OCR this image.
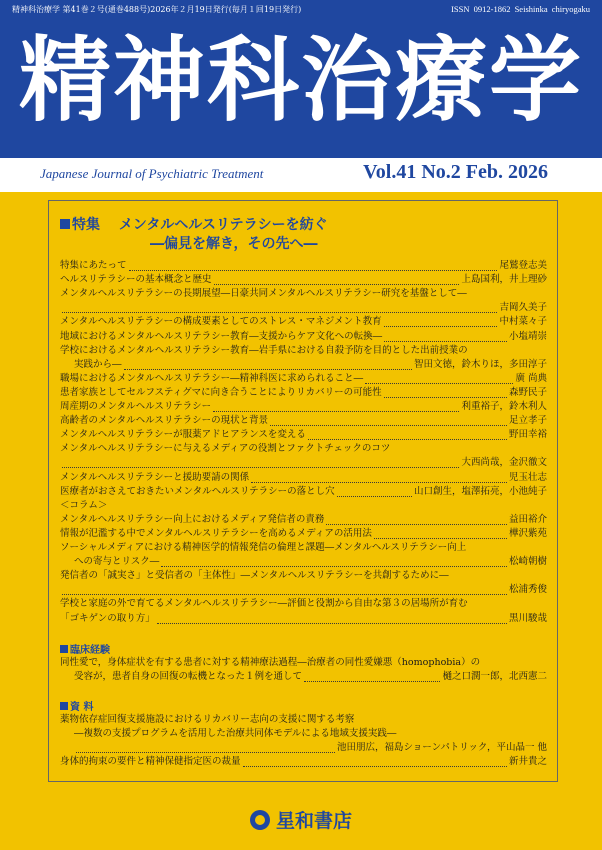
精神科治療学 第41巻２号(通巻488号)2026年２月19日発行(毎月１回19日発行)	ISSN 0912-1862 Seishinka chiryogaku
精神科治療学
Japanese Journal of Psychiatric Treatment	Vol.41 No.2 Feb. 2026
特集 メンタルヘルスリテラシーを紡ぐ
―偏見を解き，その先へ―
特集にあたって	尾鷲登志美
ヘルスリテラシーの基本概念と歴史	上島国利，井上理砂
メンタルヘルスリテラシーの長期展望―日豪共同メンタルヘルスリテラシー研究を基盤として―
吉岡久美子
メンタルヘルスリテラシーの構成要素としてのストレス・マネジメント教育	中村菜々子
地域におけるメンタルヘルスリテラシー教育―支援からケア文化への転換―	小塩靖崇
学校におけるメンタルヘルスリテラシー教育―岩手県における自殺予防を目的とした出前授業の
実践から―	智田文徳，鈴木りほ，多田淳子
職場におけるメンタルヘルスリテラシー―精神科医に求められること―	廣 尚典
患者家族としてセルフスティグマに向き合うことによりリカバリーの可能性	森野民子
周産期のメンタルヘルスリテラシー	利重裕子，鈴木利人
高齢者のメンタルヘルスリテラシーの現状と背景	足立孝子
メンタルヘルスリテラシーが服薬アドヒアランスを変える	野田幸裕
メンタルヘルスリテラシーに与えるメディアの役割とファクトチェックのコツ
大西尚哉，金沢徹文
メンタルヘルスリテラシーと援助要請の関係	児玉壮志
医療者がおさえておきたいメンタルヘルスリテラシーの落とし穴	山口創生，塩澤拓亮，小池純子
＜コラム＞
メンタルヘルスリテラシー向上におけるメディア発信者の責務	益田裕介
情報が氾濫する中でメンタルヘルスリテラシーを高めるメディアの活用法	樺沢紫苑
ソーシャルメディアにおける精神医学的情報発信の倫理と課題―メンタルヘルスリテラシー向上
への寄与とリスク―	松崎朝樹
発信者の「誠実さ」と受信者の「主体性」―メンタルヘルスリテラシーを共創するために―
松浦秀俊
学校と家庭の外で育てるメンタルヘルスリテラシー―評価と役割から自由な第３の居場所が育む
「ゴキゲンの取り方」	黒川駿哉
臨床経験
同性愛で，身体症状を有する患者に対する精神療法過程―治療者の同性愛嫌悪（homophobia）の
受容が，患者自身の回復の転機となった１例を通して	樋之口潤一郎，北西憲二
資 料
薬物依存症回復支援施設におけるリカバリー志向の支援に関する考察
―複数の支援プログラムを活用した治療共同体モデルによる地域支援実践―
池田朋広，福島ショーンパトリック，平山晶一 他
身体的拘束の要件と精神保健指定医の裁量	新井貴之
星和書店
